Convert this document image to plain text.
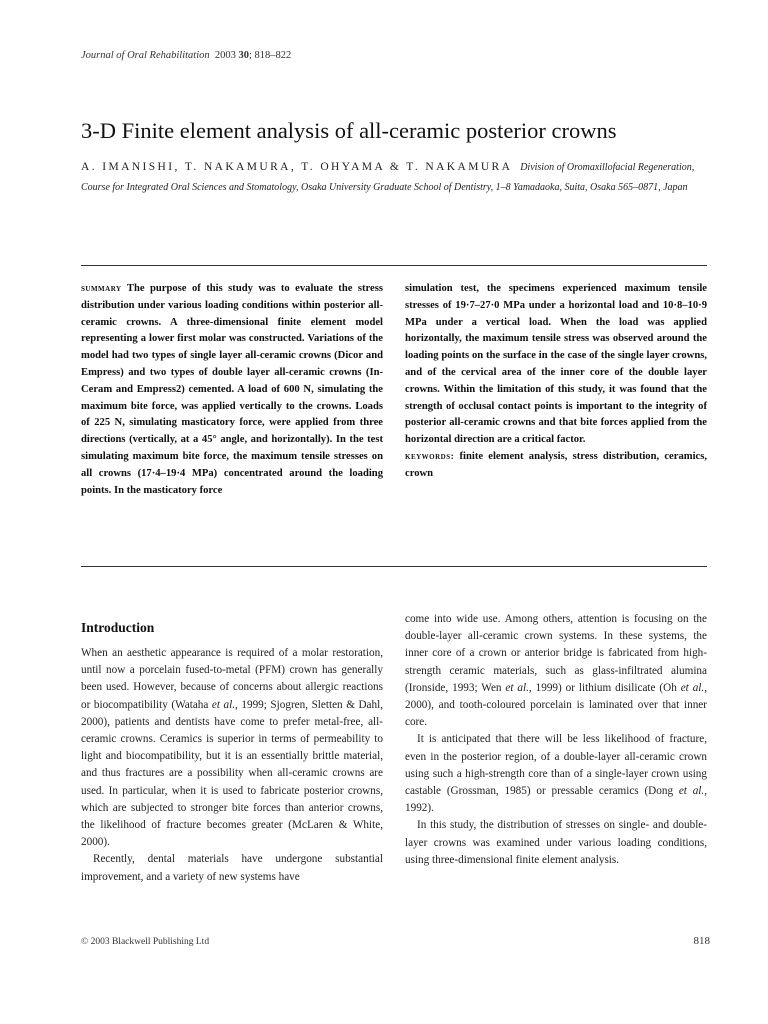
Journal of Oral Rehabilitation 2003 30; 818–822
3-D Finite element analysis of all-ceramic posterior crowns
A. IMANISHI, T. NAKAMURA, T. OHYAMA & T. NAKAMURA Division of Oromaxillofacial Regeneration, Course for Integrated Oral Sciences and Stomatology, Osaka University Graduate School of Dentistry, 1–8 Yamadaoka, Suita, Osaka 565–0871, Japan
summary The purpose of this study was to evaluate the stress distribution under various loading conditions within posterior all-ceramic crowns. A three-dimensional finite element model representing a lower first molar was constructed. Variations of the model had two types of single layer all-ceramic crowns (Dicor and Empress) and two types of double layer all-ceramic crowns (In-Ceram and Empress2) cemented. A load of 600 N, simulating the maximum bite force, was applied vertically to the crowns. Loads of 225 N, simulating masticatory force, were applied from three directions (vertically, at a 45° angle, and horizontally). In the test simulating maximum bite force, the maximum tensile stresses on all crowns (17·4–19·4 MPa) concentrated around the loading points. In the masticatory force
simulation test, the specimens experienced maximum tensile stresses of 19·7–27·0 MPa under a horizontal load and 10·8–10·9 MPa under a vertical load. When the load was applied horizontally, the maximum tensile stress was observed around the loading points on the surface in the case of the single layer crowns, and of the cervical area of the inner core of the double layer crowns. Within the limitation of this study, it was found that the strength of occlusal contact points is important to the integrity of posterior all-ceramic crowns and that bite forces applied from the horizontal direction are a critical factor.
keywords: finite element analysis, stress distribution, ceramics, crown
Introduction

When an aesthetic appearance is required of a molar restoration, until now a porcelain fused-to-metal (PFM) crown has generally been used. However, because of concerns about allergic reactions or biocompatibility (Wataha et al., 1999; Sjogren, Sletten & Dahl, 2000), patients and dentists have come to prefer metal-free, all-ceramic crowns. Ceramics is superior in terms of permeability to light and biocompatibility, but it is an essentially brittle material, and thus fractures are a possibility when all-ceramic crowns are used. In particular, when it is used to fabricate posterior crowns, which are subjected to stronger bite forces than anterior crowns, the likelihood of fracture becomes greater (McLaren & White, 2000).

Recently, dental materials have undergone substantial improvement, and a variety of new systems have

come into wide use. Among others, attention is focusing on the double-layer all-ceramic crown systems. In these systems, the inner core of a crown or anterior bridge is fabricated from high-strength ceramic materials, such as glass-infiltrated alumina (Ironside, 1993; Wen et al., 1999) or lithium disilicate (Oh et al., 2000), and tooth-coloured porcelain is laminated over that inner core.

It is anticipated that there will be less likelihood of fracture, even in the posterior region, of a double-layer all-ceramic crown using such a high-strength core than of a single-layer crown using castable (Grossman, 1985) or pressable ceramics (Dong et al., 1992).

In this study, the distribution of stresses on single- and double-layer crowns was examined under various loading conditions, using three-dimensional finite element analysis.

© 2003 Blackwell Publishing Ltd	818
